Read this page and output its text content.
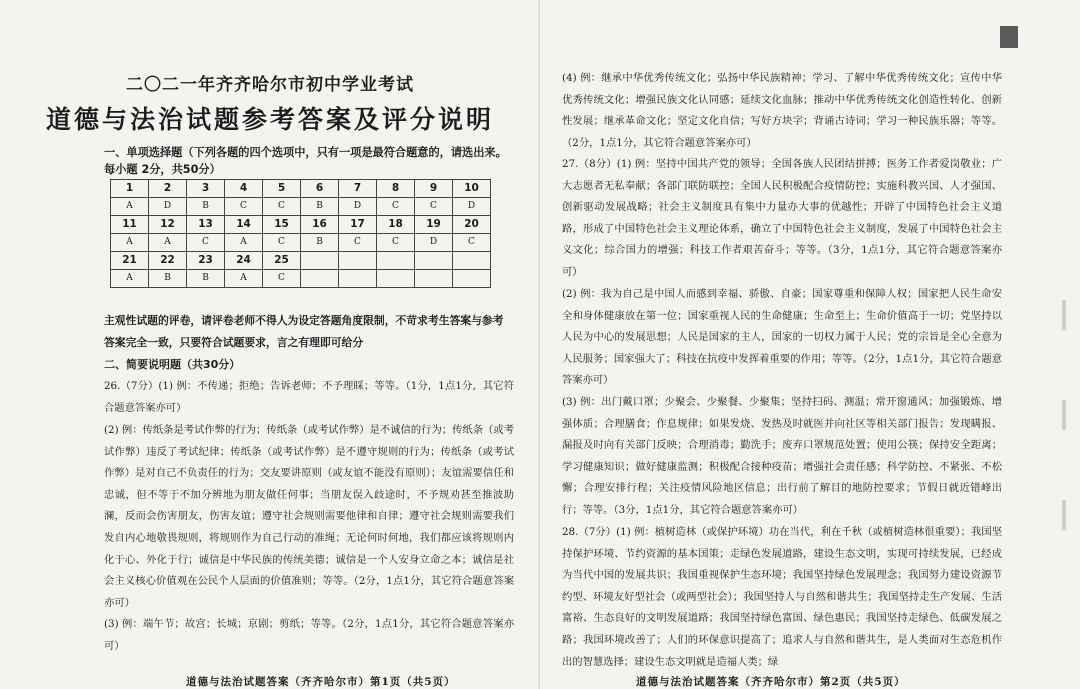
二〇二一年齐齐哈尔市初中学业考试
道德与法治试题参考答案及评分说明
一、单项选择题（下列各题的四个选项中，只有一项是最符合题意的，请选出来。每小题 2分，共50分）
1	2	3	4	5	6	7	8	9	10
A	D	B	C	C	B	D	C	C	D
11	12	13	14	15	16	17	18	19	20
A	A	C	A	C	B	C	C	D	C
21	22	23	24	25					
A	B	B	A	C					
主观性试题的评卷，请评卷老师不得人为设定答题角度限制，不苛求考生答案与参考答案完全一致，只要符合试题要求，言之有理即可给分
二、简要说明题（共30分）
26.（7分）(1) 例：不传递；拒绝；告诉老师；不予理睬；等等。（1分，1点1分，其它符合题意答案亦可）
(2) 例：传纸条是考试作弊的行为；传纸条（或考试作弊）是不诚信的行为；传纸条（或考试作弊）违反了考试纪律；传纸条（或考试作弊）是不遵守规则的行为；传纸条（或考试作弊）是对自己不负责任的行为；交友要讲原则（或友谊不能没有原则）；友谊需要信任和忠诚，但不等于不加分辨地为朋友做任何事；当朋友误入歧途时，不予规劝甚至推波助澜，反而会伤害朋友，伤害友谊；遵守社会规则需要他律和自律；遵守社会规则需要我们发自内心地敬畏规则，将规则作为自己行动的准绳；无论何时何地，我们都应该将规则内化于心、外化于行；诚信是中华民族的传统美德；诚信是一个人安身立命之本；诚信是社会主义核心价值观在公民个人层面的价值准则；等等。（2分，1点1分，其它符合题意答案亦可）
(3) 例：端午节；故宫；长城；京剧；剪纸；等等。（2分，1点1分，其它符合题意答案亦可）
道德与法治试题答案（齐齐哈尔市）第1页（共5页）
(4) 例：继承中华优秀传统文化；弘扬中华民族精神；学习、了解中华优秀传统文化；宣传中华优秀传统文化；增强民族文化认同感；延续文化血脉；推动中华优秀传统文化创造性转化、创新性发展；继承革命文化；坚定文化自信；写好方块字；背诵古诗词；学习一种民族乐器；等等。（2分，1点1分，其它符合题意答案亦可）
27.（8分）(1) 例：坚持中国共产党的领导；全国各族人民团结拼搏；医务工作者爱岗敬业；广大志愿者无私奉献；各部门联防联控；全国人民积极配合疫情防控；实施科教兴国、人才强国、创新驱动发展战略；社会主义制度具有集中力量办大事的优越性；开辟了中国特色社会主义道路，形成了中国特色社会主义理论体系，确立了中国特色社会主义制度，发展了中国特色社会主义文化；综合国力的增强；科技工作者艰苦奋斗；等等。（3分，1点1分，其它符合题意答案亦可）
(2) 例：我为自己是中国人而感到幸福、骄傲、自豪；国家尊重和保障人权；国家把人民生命安全和身体健康放在第一位；国家重视人民的生命健康；生命至上；生命价值高于一切；党坚持以人民为中心的发展思想；人民是国家的主人，国家的一切权力属于人民；党的宗旨是全心全意为人民服务；国家强大了；科技在抗疫中发挥着重要的作用；等等。（2分，1点1分，其它符合题意答案亦可）
(3) 例：出门戴口罩；少聚会、少聚餐、少聚集；坚持扫码、测温；常开窗通风；加强锻炼、增强体质；合理膳食；作息规律；如果发烧、发热及时就医并向社区等相关部门报告；发现瞒报、漏报及时向有关部门反映；合理消毒；勤洗手；废弃口罩规范处置；使用公筷；保持安全距离；学习健康知识；做好健康监测；积极配合接种疫苗；增强社会责任感；科学防控、不紧张、不松懈；合理安排行程；关注疫情风险地区信息；出行前了解目的地防控要求；节假日就近错峰出行；等等。（3分，1点1分，其它符合题意答案亦可）
28.（7分）(1) 例：植树造林（或保护环境）功在当代，利在千秋（或植树造林很重要）；我国坚持保护环境、节约资源的基本国策；走绿色发展道路，建设生态文明，实现可持续发展，已经成为当代中国的发展共识；我国重视保护生态环境；我国坚持绿色发展理念；我国努力建设资源节约型、环境友好型社会（或两型社会）；我国坚持人与自然和谐共生；我国坚持走生产发展、生活富裕、生态良好的文明发展道路；我国坚持绿色富国、绿色惠民；我国坚持走绿色、低碳发展之路；我国环境改善了；人们的环保意识提高了；追求人与自然和谐共生，是人类面对生态危机作出的智慧选择；建设生态文明就是造福人类；绿
道德与法治试题答案（齐齐哈尔市）第2页（共5页）
